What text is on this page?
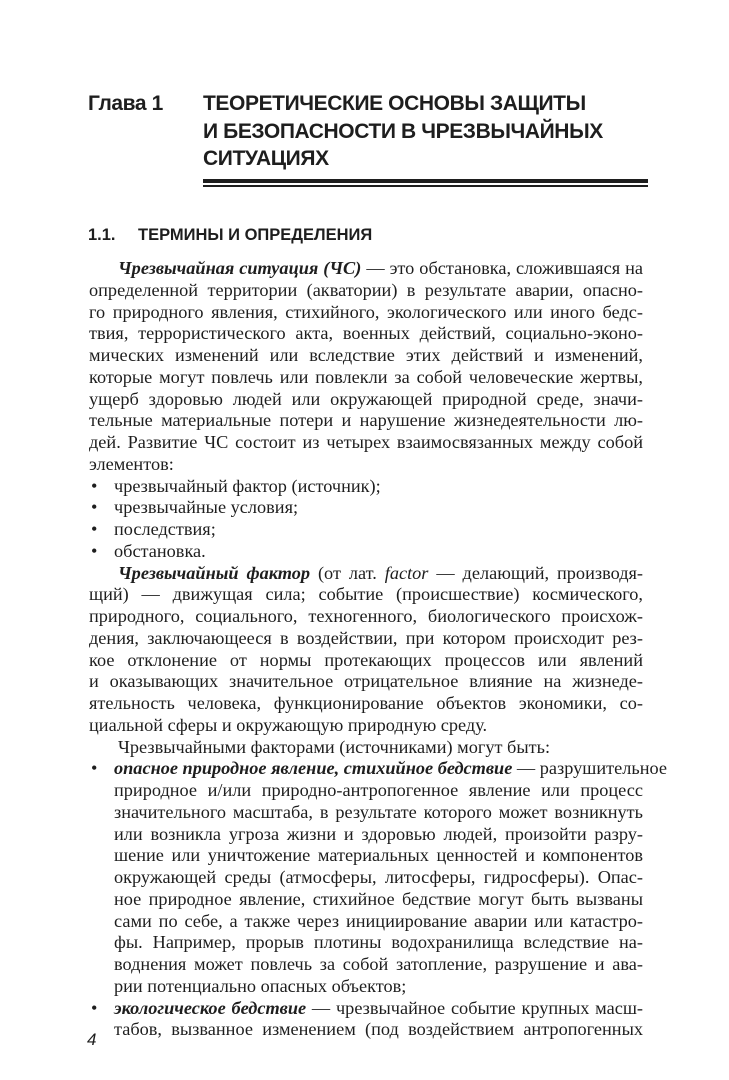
Глава 1 ТЕОРЕТИЧЕСКИЕ ОСНОВЫ ЗАЩИТЫ
И БЕЗОПАСНОСТИ В ЧРЕЗВЫЧАЙНЫХ
СИТУАЦИЯХ
1.1. ТЕРМИНЫ И ОПРЕДЕЛЕНИЯ
Чрезвычайная ситуация (ЧС) — это обстановка, сложившаяся на
определенной территории (акватории) в результате аварии, опасно-
го природного явления, стихийного, экологического или иного бедс-
твия, террористического акта, военных действий, социально-эконо-
мических изменений или вследствие этих действий и изменений,
которые могут повлечь или повлекли за собой человеческие жертвы,
ущерб здоровью людей или окружающей природной среде, значи-
тельные материальные потери и нарушение жизнедеятельности лю-
дей. Развитие ЧС состоит из четырех взаимосвязанных между собой
элементов:
• чрезвычайный фактор (источник);
• чрезвычайные условия;
• последствия;
• обстановка.
Чрезвычайный фактор (от лат. factor — делающий, производя-
щий) — движущая сила; событие (происшествие) космического,
природного, социального, техногенного, биологического происхож-
дения, заключающееся в воздействии, при котором происходит рез-
кое отклонение от нормы протекающих процессов или явлений
и оказывающих значительное отрицательное влияние на жизнеде-
ятельность человека, функционирование объектов экономики, со-
циальной сферы и окружающую природную среду.
Чрезвычайными факторами (источниками) могут быть:
• опасное природное явление, стихийное бедствие — разрушительное
природное и/или природно-антропогенное явление или процесс
значительного масштаба, в результате которого может возникнуть
или возникла угроза жизни и здоровью людей, произойти разру-
шение или уничтожение материальных ценностей и компонентов
окружающей среды (атмосферы, литосферы, гидросферы). Опас-
ное природное явление, стихийное бедствие могут быть вызваны
сами по себе, а также через инициирование аварии или катастро-
фы. Например, прорыв плотины водохранилища вследствие на-
воднения может повлечь за собой затопление, разрушение и ава-
рии потенциально опасных объектов;
• экологическое бедствие — чрезвычайное событие крупных масш-
табов, вызванное изменением (под воздействием антропогенных
4
